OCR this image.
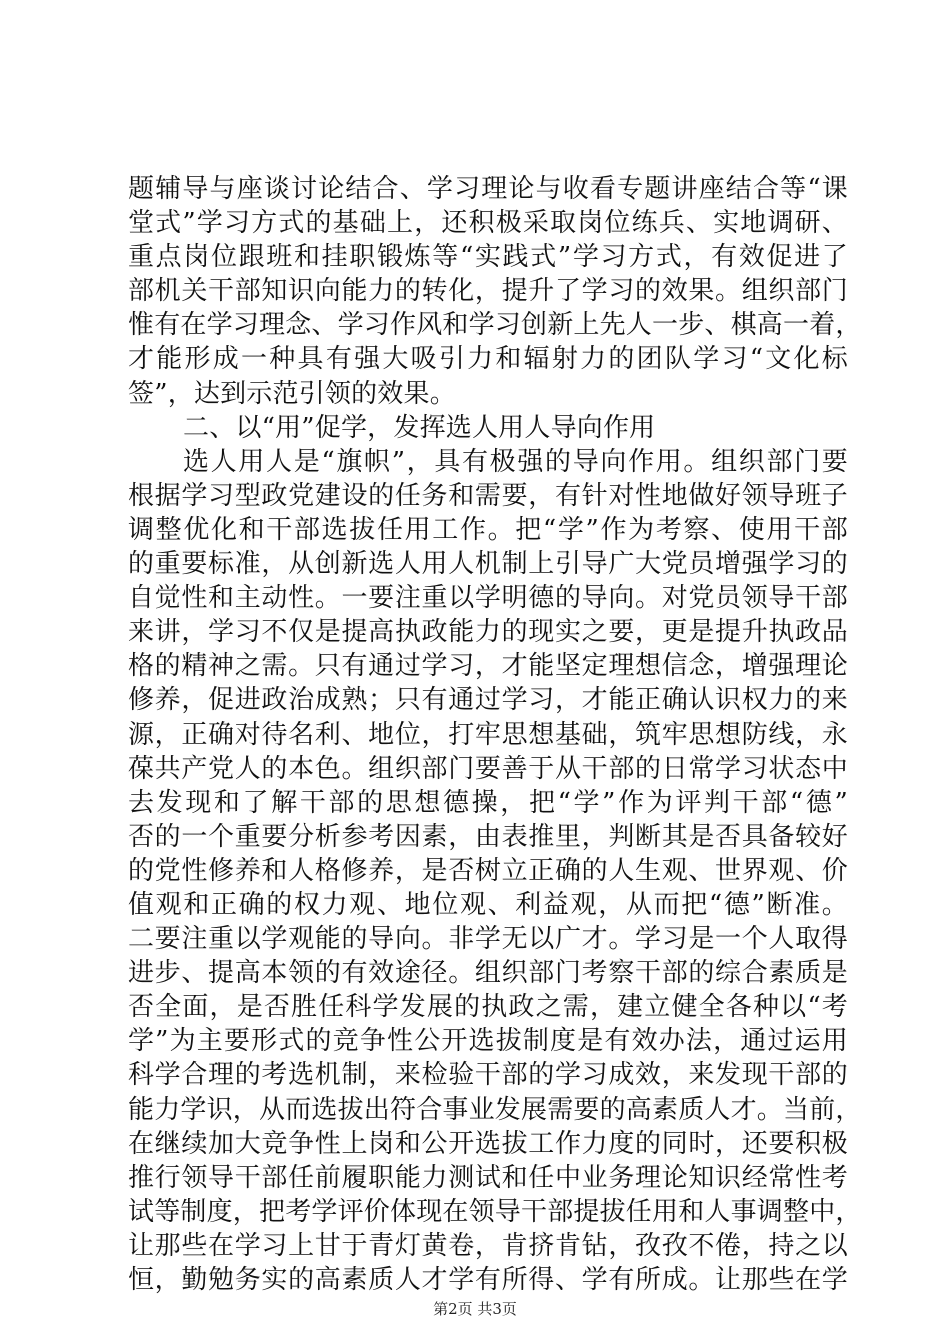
题辅导与座谈讨论结合、学习理论与收看专题讲座结合等“课
堂式”学习方式的基础上，还积极采取岗位练兵、实地调研、
重点岗位跟班和挂职锻炼等“实践式”学习方式，有效促进了
部机关干部知识向能力的转化，提升了学习的效果。组织部门
惟有在学习理念、学习作风和学习创新上先人一步、棋高一着，
才能形成一种具有强大吸引力和辐射力的团队学习“文化标
签”，达到示范引领的效果。
二、以“用”促学，发挥选人用人导向作用
选人用人是“旗帜”，具有极强的导向作用。组织部门要
根据学习型政党建设的任务和需要，有针对性地做好领导班子
调整优化和干部选拔任用工作。把“学”作为考察、使用干部
的重要标准，从创新选人用人机制上引导广大党员增强学习的
自觉性和主动性。一要注重以学明德的导向。对党员领导干部
来讲，学习不仅是提高执政能力的现实之要，更是提升执政品
格的精神之需。只有通过学习，才能坚定理想信念，增强理论
修养，促进政治成熟；只有通过学习，才能正确认识权力的来
源，正确对待名利、地位，打牢思想基础，筑牢思想防线，永
葆共产党人的本色。组织部门要善于从干部的日常学习状态中
去发现和了解干部的思想德操，把“学”作为评判干部“德”
否的一个重要分析参考因素，由表推里，判断其是否具备较好
的党性修养和人格修养，是否树立正确的人生观、世界观、价
值观和正确的权力观、地位观、利益观，从而把“德”断准。
二要注重以学观能的导向。非学无以广才。学习是一个人取得
进步、提高本领的有效途径。组织部门考察干部的综合素质是
否全面，是否胜任科学发展的执政之需，建立健全各种以“考
学”为主要形式的竞争性公开选拔制度是有效办法，通过运用
科学合理的考选机制，来检验干部的学习成效，来发现干部的
能力学识，从而选拔出符合事业发展需要的高素质人才。当前，
在继续加大竞争性上岗和公开选拔工作力度的同时，还要积极
推行领导干部任前履职能力测试和任中业务理论知识经常性考
试等制度，把考学评价体现在领导干部提拔任用和人事调整中，
让那些在学习上甘于青灯黄卷，肯挤肯钻，孜孜不倦，持之以
恒，勤勉务实的高素质人才学有所得、学有所成。让那些在学
第2页 共3页
